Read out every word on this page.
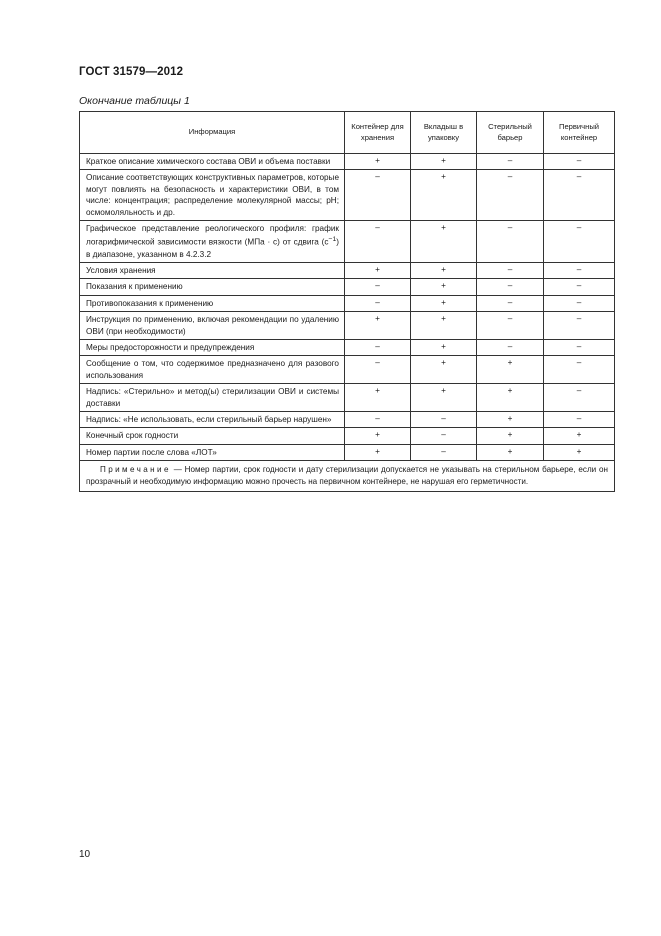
ГОСТ 31579—2012
Окончание таблицы 1
Информация	Контейнер для хранения	Вкладыш в упаковку	Стерильный барьер	Первичный контейнер
Краткое описание химического состава ОВИ и объема поставки	+	+	–	–
Описание соответствующих конструктивных параметров, которые могут повлиять на безопасность и характеристики ОВИ, в том числе: концентрация; распределение молекулярной массы; pH; осмомоляльность и др.	–	+	–	–
Графическое представление реологического профиля: график логарифмической зависимости вязкости (МПа · с) от сдвига $(с^{-1})$ в диапазоне, указанном в 4.2.3.2	–	+	–	–
Условия хранения	+	+	–	–
Показания к применению	–	+	–	–
Противопоказания к применению	–	+	–	–
Инструкция по применению, включая рекомендации по удалению ОВИ (при необходимости)	+	+	–	–
Меры предосторожности и предупреждения	–	+	–	–
Сообщение о том, что содержимое предназначено для разового использования	–	+	+	–
Надпись: «Стерильно» и метод(ы) стерилизации ОВИ и системы доставки	+	+	+	–
Надпись: «Не использовать, если стерильный барьер нарушен»	–	–	+	–
Конечный срок годности	+	–	+	+
Номер партии после слова «ЛОТ»	+	–	+	+
Примечание — Номер партии, срок годности и дату стерилизации допускается не указывать на стерильном барьере, если он прозрачный и необходимую информацию можно прочесть на первичном контейнере, не нарушая его герметичности.				
10
